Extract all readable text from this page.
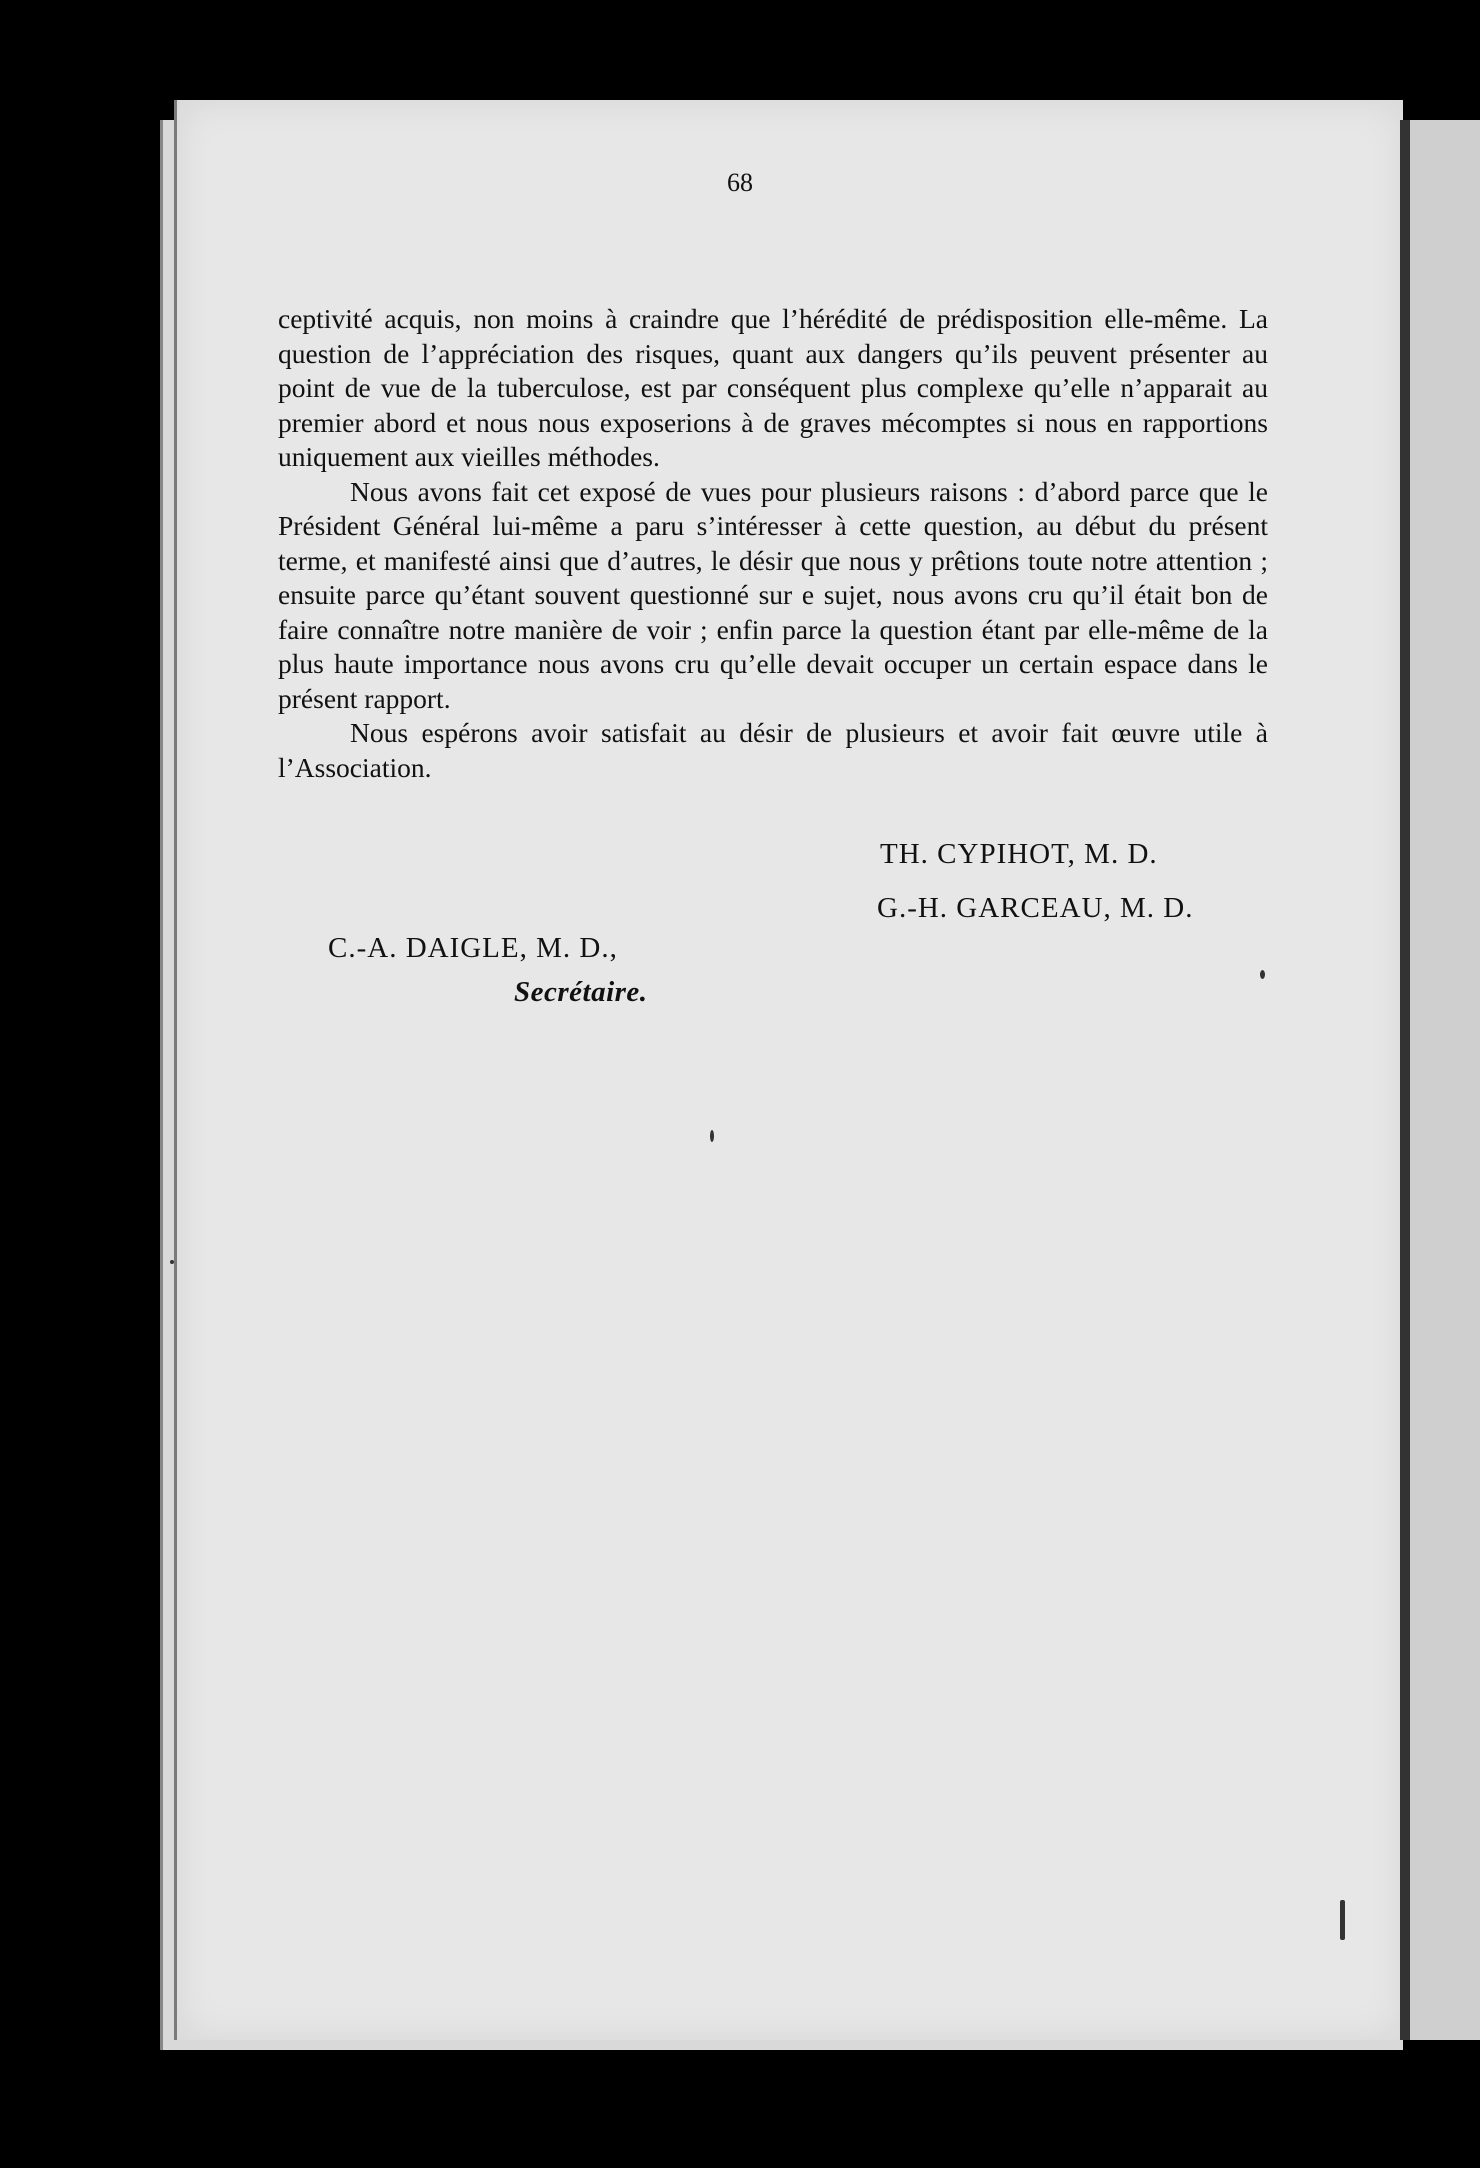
68

ceptivité acquis, non moins à craindre que l’hérédité de prédisposition elle-même. La question de l’appréciation des risques, quant aux dangers qu’ils peuvent présenter au point de vue de la tuberculose, est par conséquent plus complexe qu’elle n’apparait au premier abord et nous nous exposerions à de graves mécomptes si nous en rapportions uniquement aux vieilles méthodes.

Nous avons fait cet exposé de vues pour plusieurs raisons : d’abord parce que le Président Général lui-même a paru s’intéresser à cette question, au début du présent terme, et manifesté ainsi que d’autres, le désir que nous y prêtions toute notre attention ; ensuite parce qu’étant souvent questionné sur e sujet, nous avons cru qu’il était bon de faire connaître notre manière de voir ; enfin parce la question étant par elle-même de la plus haute importance nous avons cru qu’elle devait occuper un certain espace dans le présent rapport.

Nous espérons avoir satisfait au désir de plusieurs et avoir fait œuvre utile à l’Association.

TH. CYPIHOT, M. D.
G.-H. GARCEAU, M. D.
C.-A. DAIGLE, M. D.,
Secrétaire.
